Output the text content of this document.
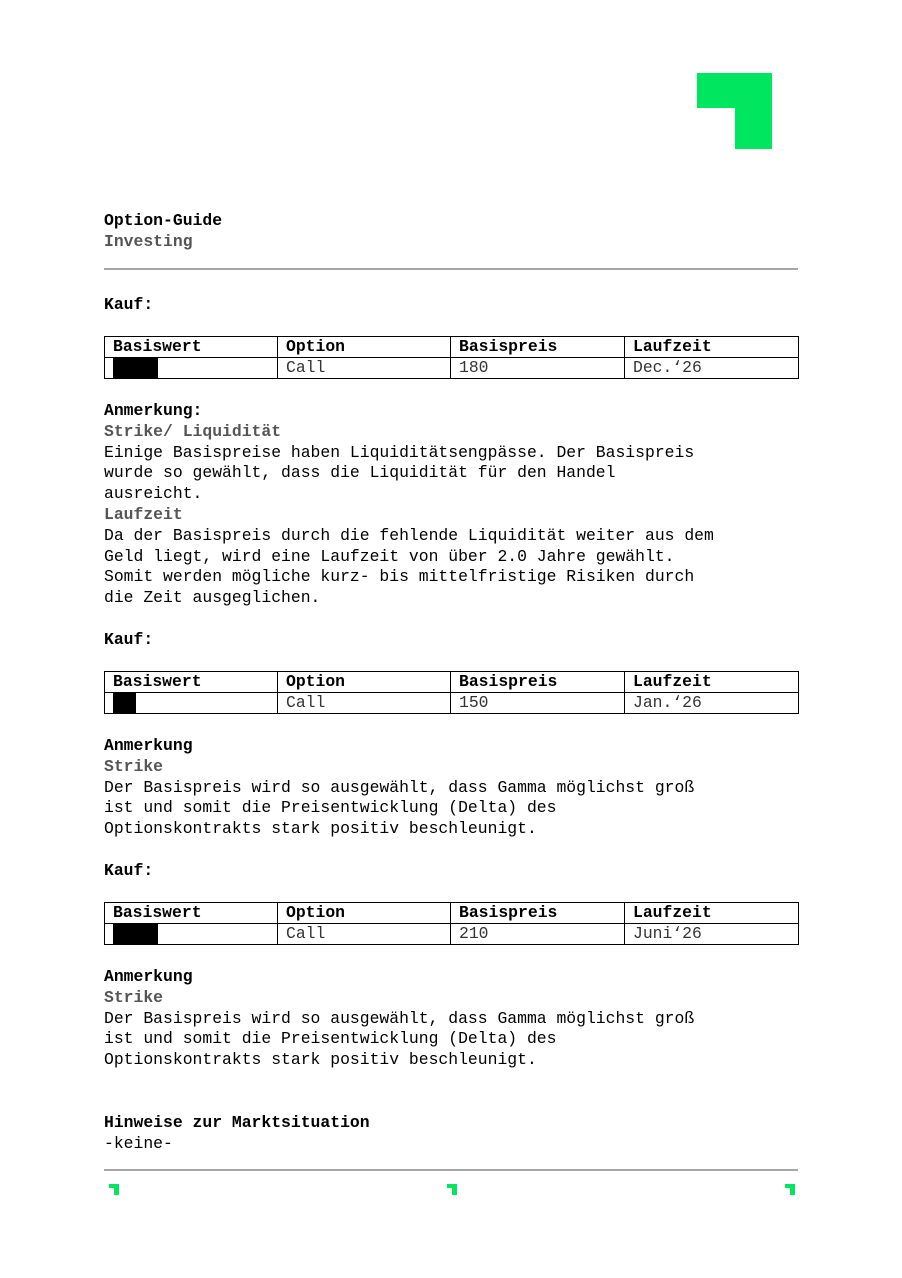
Option-Guide
Investing
Kauf:
Basiswert	Option	Basispreis	Laufzeit
	Call	180	Dec.‘26
Anmerkung:
Strike/ Liquidität
Einige Basispreise haben Liquiditätsengpässe. Der Basispreis
wurde so gewählt, dass die Liquidität für den Handel
ausreicht.
Laufzeit
Da der Basispreis durch die fehlende Liquidität weiter aus dem
Geld liegt, wird eine Laufzeit von über 2.0 Jahre gewählt.
Somit werden mögliche kurz- bis mittelfristige Risiken durch
die Zeit ausgeglichen.
Kauf:
Basiswert	Option	Basispreis	Laufzeit
	Call	150	Jan.‘26
Anmerkung
Strike
Der Basispreis wird so ausgewählt, dass Gamma möglichst groß
ist und somit die Preisentwicklung (Delta) des
Optionskontrakts stark positiv beschleunigt.
Kauf:
Basiswert	Option	Basispreis	Laufzeit
	Call	210	Juni‘26
Anmerkung
Strike
Der Basispreis wird so ausgewählt, dass Gamma möglichst groß
ist und somit die Preisentwicklung (Delta) des
Optionskontrakts stark positiv beschleunigt.
Hinweise zur Marktsituation
-keine-
